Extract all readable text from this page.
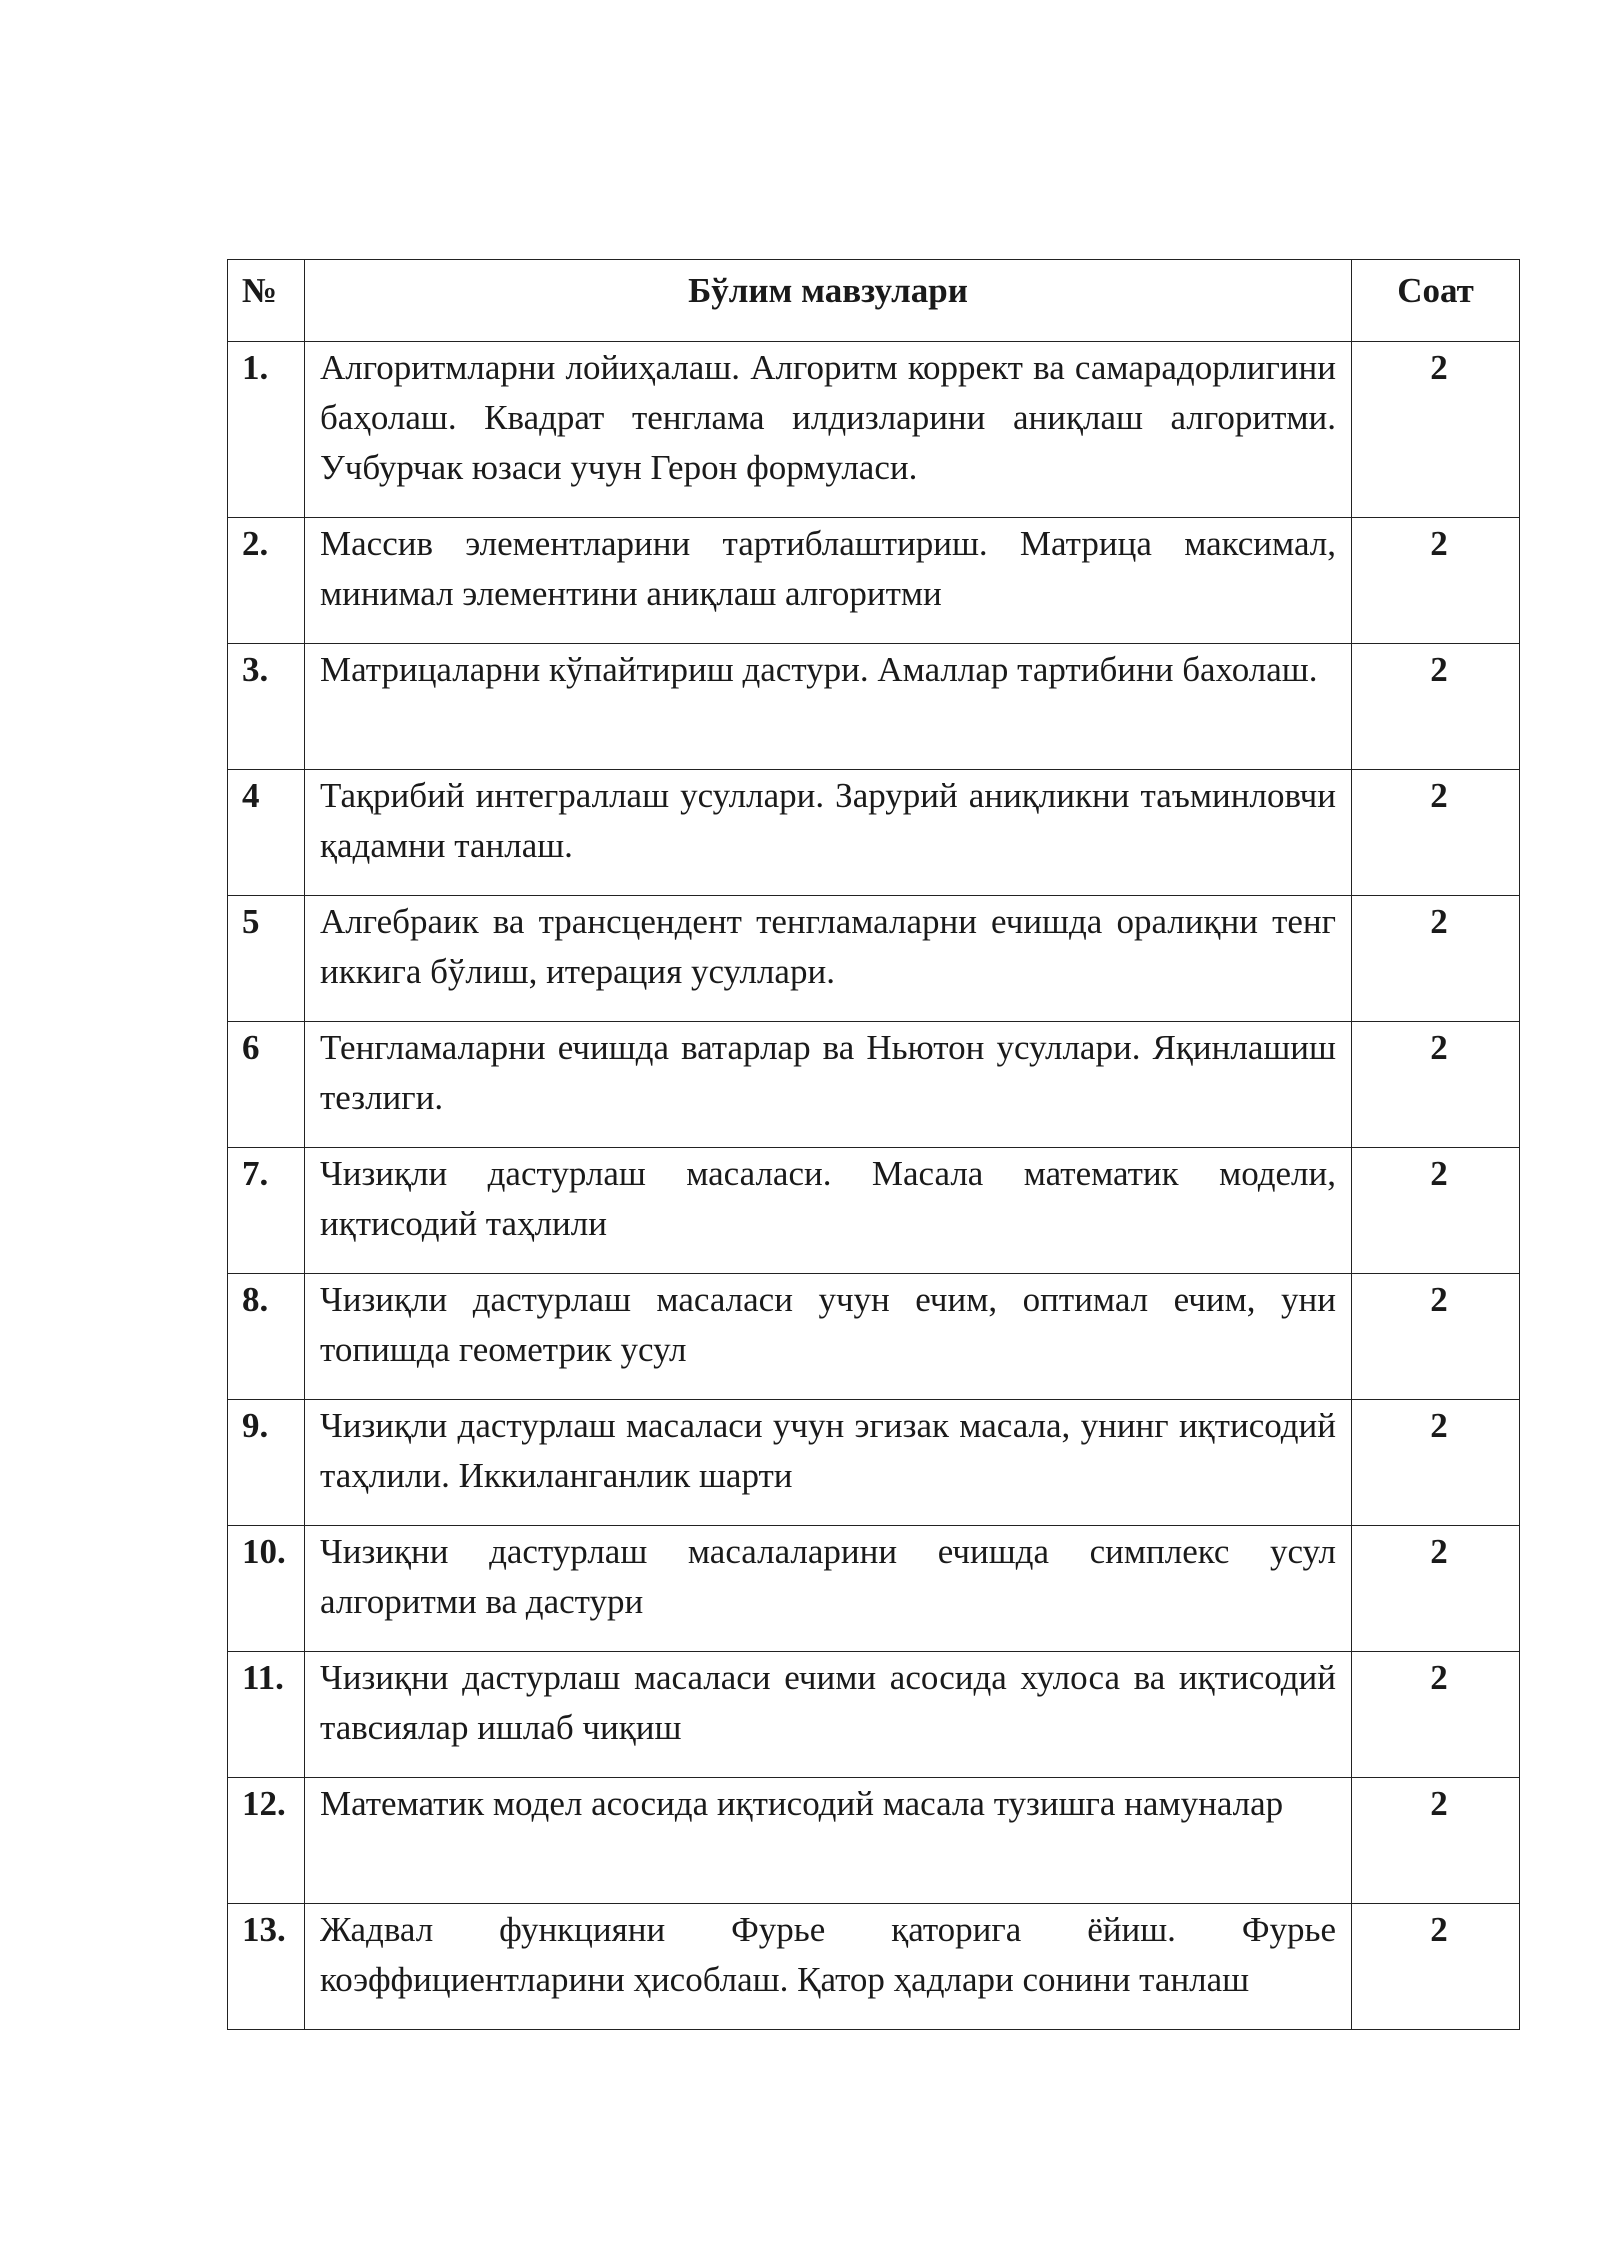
№	Бўлим мавзулари	Соат
1.	Алгоритмларни лойиҳалаш. Алгоритм коррект ва самарадорлигини баҳолаш. Квадрат тенглама илдизларини аниқлаш алгоритми. Учбурчак юзаси учун Герон формуласи.	2
2.	Массив элементларини тартиблаштириш. Матрица максимал, минимал элементини аниқлаш алгоритми	2
3.	Матрицаларни кўпайтириш дастури. Амаллар тартибини бахолаш.	2
4	Тақрибий интеграллаш усуллари. Зарурий аниқликни таъминловчи қадамни танлаш.	2
5	Алгебраик ва трансцендент тенгламаларни ечишда оралиқни тенг иккига бўлиш, итерация усуллари.	2
6	Тенгламаларни ечишда ватарлар ва Ньютон усуллари. Яқинлашиш тезлиги.	2
7.	Чизиқли дастурлаш масаласи. Масала математик модели, иқтисодий таҳлили	2
8.	Чизиқли дастурлаш масаласи учун ечим, оптимал ечим, уни топишда геометрик усул	2
9.	Чизиқли дастурлаш масаласи учун эгизак масала, унинг иқтисодий таҳлили. Иккиланганлик шарти	2
10.	Чизиқни дастурлаш масалаларини ечишда симплекс усул алгоритми ва дастури	2
11.	Чизиқни дастурлаш масаласи ечими асосида хулоса ва иқтисодий тавсиялар ишлаб чиқиш	2
12.	Математик модел асосида иқтисодий масала тузишга намуналар	2
13.	Жадвал функцияни Фурье қаторига ёйиш. Фурье коэффициентларини ҳисоблаш. Қатор ҳадлари сонини танлаш	2
